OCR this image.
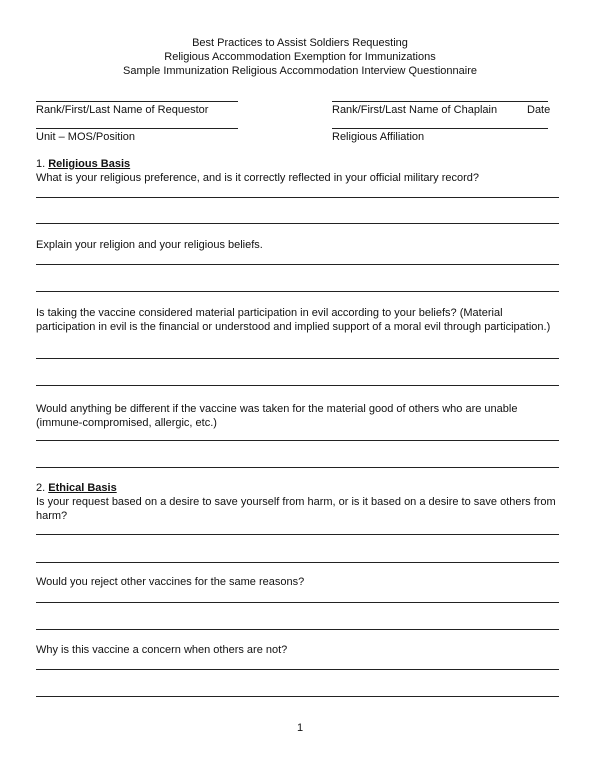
Best Practices to Assist Soldiers Requesting
Religious Accommodation Exemption for Immunizations
Sample Immunization Religious Accommodation Interview Questionnaire
Rank/First/Last Name of Requestor	Rank/First/Last Name of Chaplain	Date
Unit – MOS/Position	Religious Affiliation
1. Religious Basis
What is your religious preference, and is it correctly reflected in your official military record?
Explain your religion and your religious beliefs.
Is taking the vaccine considered material participation in evil according to your beliefs? (Material participation in evil is the financial or understood and implied support of a moral evil through participation.)
Would anything be different if the vaccine was taken for the material good of others who are unable (immune-compromised, allergic, etc.)
2. Ethical Basis
Is your request based on a desire to save yourself from harm, or is it based on a desire to save others from harm?
Would you reject other vaccines for the same reasons?
Why is this vaccine a concern when others are not?
1
